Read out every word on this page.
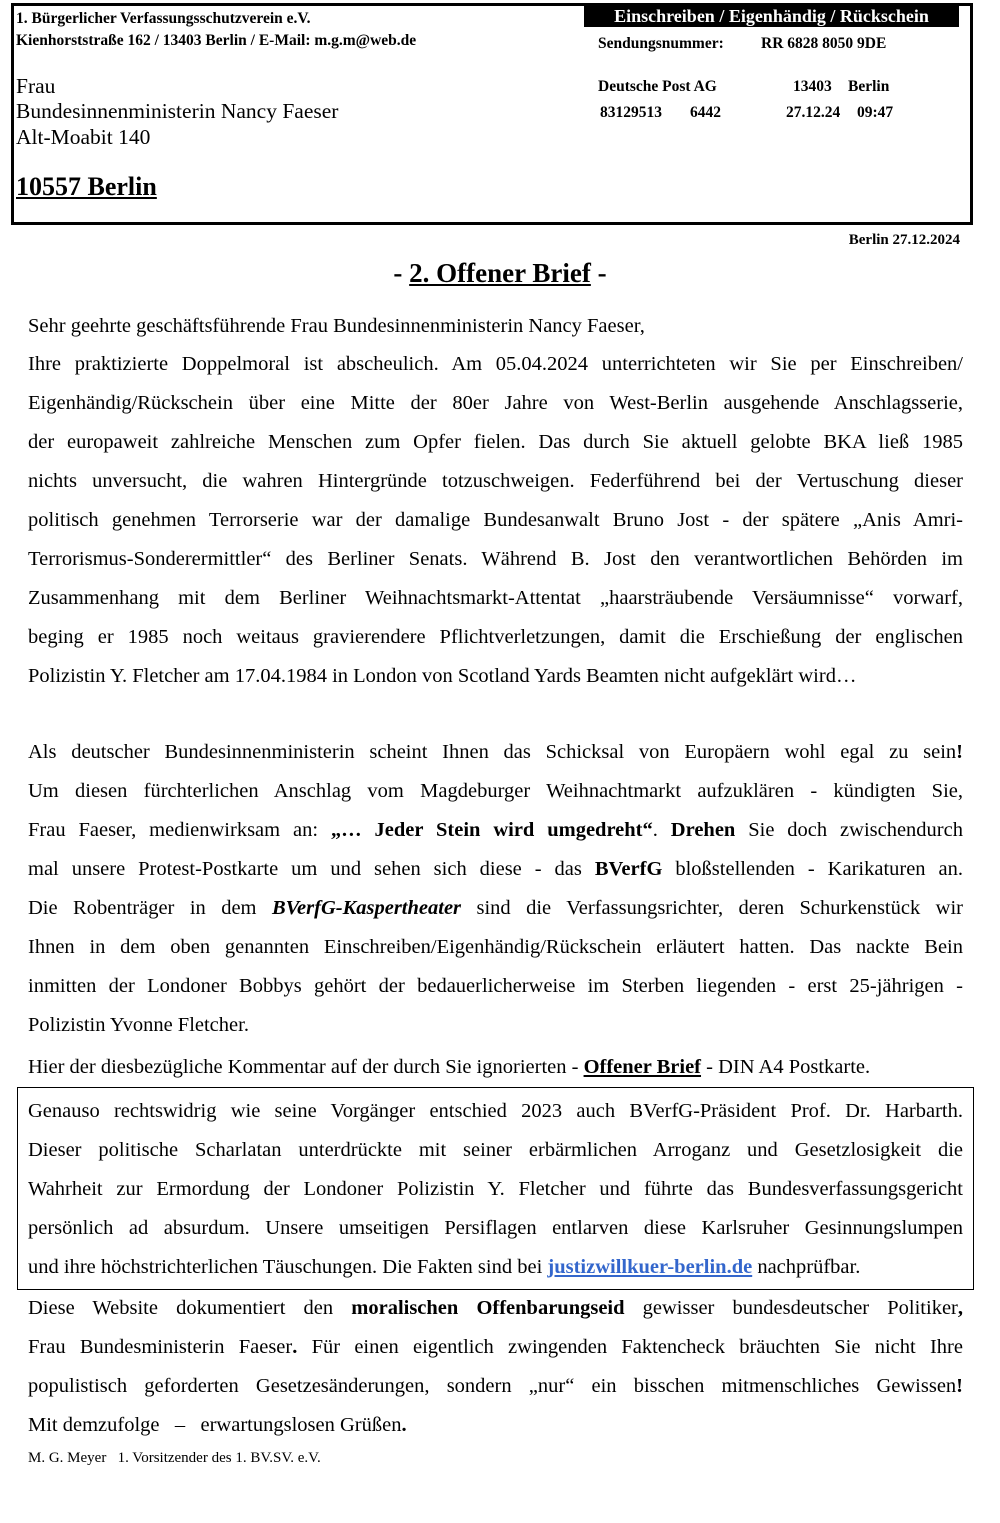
1. Bürgerlicher Verfassungsschutzverein e.V.
Kienhorststraße 162 / 13403 Berlin / E-Mail: m.g.m@web.de
Einschreiben / Eigenhändig / Rückschein
Sendungsnummer: RR 6828 8050 9DE
Deutsche Post AG	13403 Berlin
83129513 6442	27.12.24 09:47
Frau
Bundesinnenministerin Nancy Faeser
Alt-Moabit 140
10557 Berlin
Berlin 27.12.2024
- 2. Offener Brief -
Sehr geehrte geschäftsführende Frau Bundesinnenministerin Nancy Faeser,
Ihre praktizierte Doppelmoral ist abscheulich. Am 05.04.2024 unterrichteten wir Sie per Einschreiben/
Eigenhändig/Rückschein über eine Mitte der 80er Jahre von West-Berlin ausgehende Anschlagsserie,
der europaweit zahlreiche Menschen zum Opfer fielen. Das durch Sie aktuell gelobte BKA ließ 1985
nichts unversucht, die wahren Hintergründe totzuschweigen. Federführend bei der Vertuschung dieser
politisch genehmen Terrorserie war der damalige Bundesanwalt Bruno Jost - der spätere „Anis Amri-
Terrorismus-Sonderermittler“ des Berliner Senats. Während B. Jost den verantwortlichen Behörden im
Zusammenhang mit dem Berliner Weihnachtsmarkt-Attentat „haarsträubende Versäumnisse“ vorwarf,
beging er 1985 noch weitaus gravierendere Pflichtverletzungen, damit die Erschießung der englischen
Polizistin Y. Fletcher am 17.04.1984 in London von Scotland Yards Beamten nicht aufgeklärt wird…
Als deutscher Bundesinnenministerin scheint Ihnen das Schicksal von Europäern wohl egal zu sein!
Um diesen fürchterlichen Anschlag vom Magdeburger Weihnachtmarkt aufzuklären - kündigten Sie,
Frau Faeser, medienwirksam an: „… Jeder Stein wird umgedreht“. Drehen Sie doch zwischendurch
mal unsere Protest-Postkarte um und sehen sich diese - das BVerfG bloßstellenden - Karikaturen an.
Die Robenträger in dem BVerfG-Kaspertheater sind die Verfassungsrichter, deren Schurkenstück wir
Ihnen in dem oben genannten Einschreiben/Eigenhändig/Rückschein erläutert hatten. Das nackte Bein
inmitten der Londoner Bobbys gehört der bedauerlicherweise im Sterben liegenden - erst 25-jährigen -
Polizistin Yvonne Fletcher.
Hier der diesbezügliche Kommentar auf der durch Sie ignorierten - Offener Brief - DIN A4 Postkarte.
Genauso rechtswidrig wie seine Vorgänger entschied 2023 auch BVerfG-Präsident Prof. Dr. Harbarth.
Dieser politische Scharlatan unterdrückte mit seiner erbärmlichen Arroganz und Gesetzlosigkeit die
Wahrheit zur Ermordung der Londoner Polizistin Y. Fletcher und führte das Bundesverfassungsgericht
persönlich ad absurdum. Unsere umseitigen Persiflagen entlarven diese Karlsruher Gesinnungslumpen
und ihre höchstrichterlichen Täuschungen. Die Fakten sind bei justizwillkuer-berlin.de nachprüfbar.
Diese Website dokumentiert den moralischen Offenbarungseid gewisser bundesdeutscher Politiker,
Frau Bundesministerin Faeser. Für einen eigentlich zwingenden Faktencheck bräuchten Sie nicht Ihre
populistisch geforderten Gesetzesänderungen, sondern „nur“ ein bisschen mitmenschliches Gewissen!
Mit demzufolge   –   erwartungslosen Grüßen.
M. G. Meyer   1. Vorsitzender des 1. BV.SV. e.V.
